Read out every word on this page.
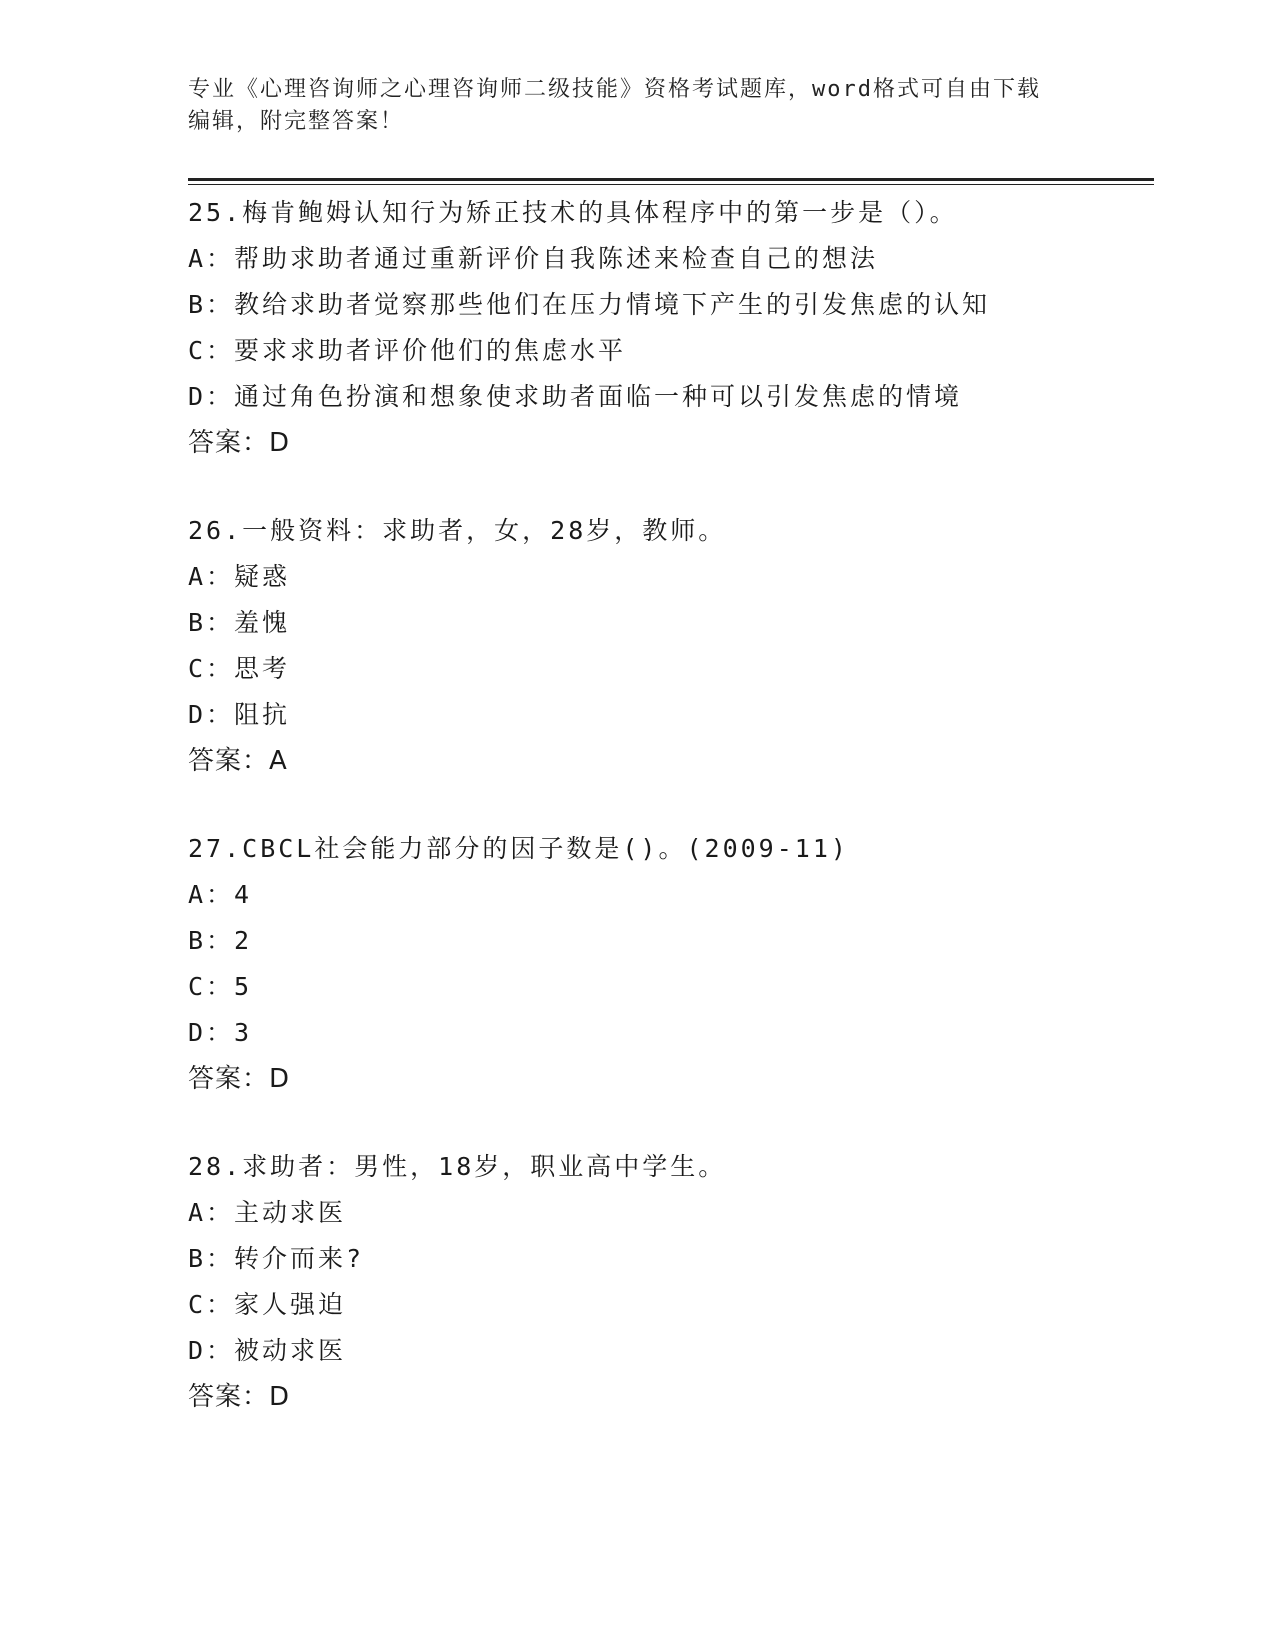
专业《心理咨询师之心理咨询师二级技能》资格考试题库，word格式可自由下载
编辑，附完整答案！
25.梅肯鲍姆认知行为矫正技术的具体程序中的第一步是（）。
A：帮助求助者通过重新评价自我陈述来检查自己的想法
B：教给求助者觉察那些他们在压力情境下产生的引发焦虑的认知
C：要求求助者评价他们的焦虑水平
D：通过角色扮演和想象使求助者面临一种可以引发焦虑的情境
答案：D
26.一般资料：求助者，女，28岁，教师。
A：疑惑
B：羞愧
C：思考
D：阻抗
答案：A
27.CBCL社会能力部分的因子数是()。(2009-11)
A：4
B：2
C：5
D：3
答案：D
28.求助者：男性，18岁，职业高中学生。
A：主动求医
B：转介而来?
C：家人强迫
D：被动求医
答案：D
